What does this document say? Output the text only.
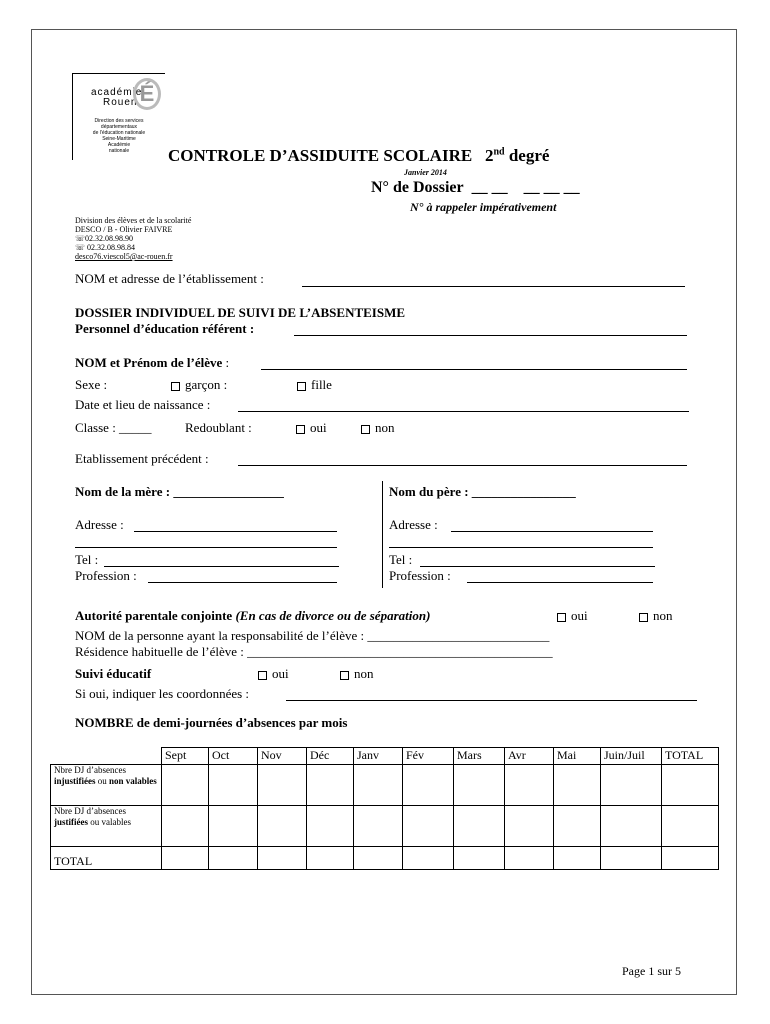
académie
Rouen É
Direction des services
départementaux
de l'éducation nationale
Seine-Maritime
Académie
nationale	CONTROLE D’ASSIDUITE SCOLAIRE 2nd degré
Janvier 2014
N° de Dossier __ __    __ __ __
N° à rappeler impérativement
Division des élèves et de la scolarité
DESCO / B - Olivier FAIVRE
☏02.32.08.98.90
☏ 02.32.08.98.84
desco76.viescol5@ac-rouen.fr
NOM et adresse de l’établissement :
DOSSIER INDIVIDUEL DE SUIVI DE L’ABSENTEISME
Personnel d’éducation référent :
NOM et Prénom de l’élève :
Sexe :	garçon :	fille
Date et lieu de naissance :
Classe : _____	Redoublant :	oui	non
Etablissement précédent :
Nom de la mère : _________________	Nom du père : ________________
Adresse :	Adresse :
Tel :	Tel :
Profession :	Profession :
Autorité parentale conjointe (En cas de divorce ou de séparation)	oui	non
NOM de la personne ayant la responsabilité de l’élève : ____________________________
Résidence habituelle de l’élève : _______________________________________________
Suivi éducatif	oui	non
Si oui, indiquer les coordonnées :
NOMBRE de demi-journées d’absences par mois
	Sept	Oct	Nov	Déc	Janv	Fév	Mars	Avr	Mai	Juin/Juil	TOTAL
Nbre DJ d’absences
injustifiées ou non valables											
Nbre DJ d’absences
justifiées ou valables											
TOTAL											
Page 1 sur 5
